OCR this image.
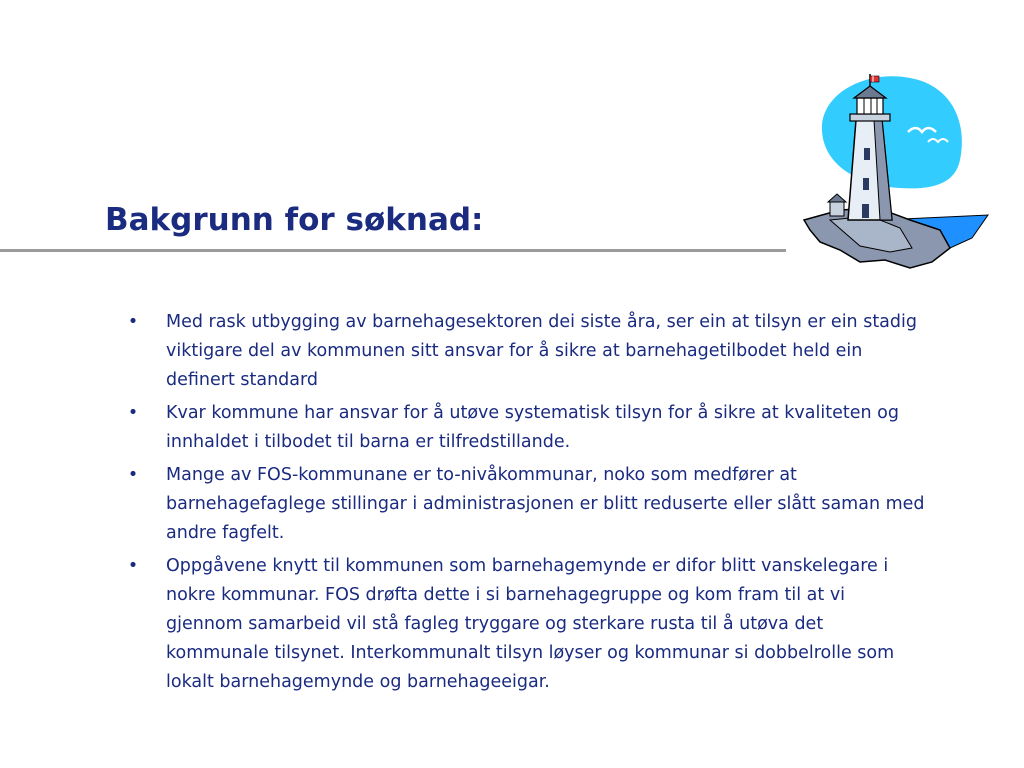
Bakgrunn for søknad:
• Med rask utbygging av barnehagesektoren dei siste åra, ser ein at tilsyn er ein stadig viktigare del av kommunen sitt ansvar for å sikre at barnehagetilbodet held ein definert standard
• Kvar kommune har ansvar for å utøve systematisk tilsyn for å sikre at kvaliteten og innhaldet i tilbodet til barna er tilfredstillande.
• Mange av FOS-kommunane er to-nivåkommunar, noko som medfører at barnehagefaglege stillingar i administrasjonen er blitt reduserte eller slått saman med andre fagfelt.
• Oppgåvene knytt til kommunen som barnehagemynde er difor blitt vanskelegare i nokre kommunar. FOS drøfta dette i si barnehagegruppe og kom fram til at vi gjennom samarbeid vil stå fagleg tryggare og sterkare rusta til å utøva det kommunale tilsynet. Interkommunalt tilsyn løyser og kommunar si dobbelrolle som lokalt barnehagemynde og barnehageeigar.
